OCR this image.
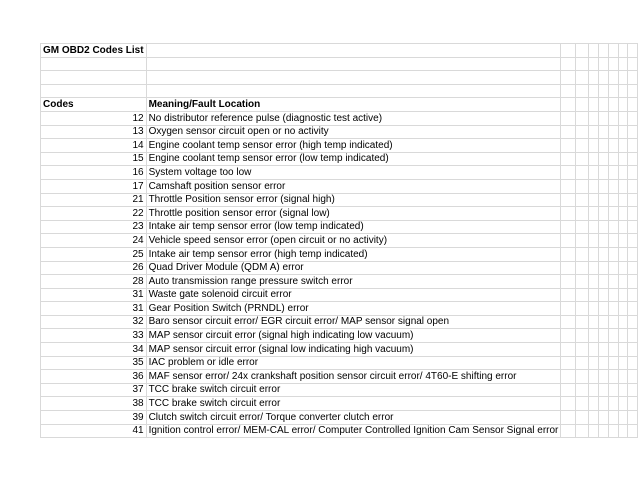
GM OBD2 Codes List								

Codes	Meaning/Fault Location							
12	No distributor reference pulse (diagnostic test active)							
13	Oxygen sensor circuit open or no activity							
14	Engine coolant temp sensor error (high temp indicated)							
15	Engine coolant temp sensor error (low temp indicated)							
16	System voltage too low							
17	Camshaft position sensor error							
21	Throttle Position sensor error (signal high)							
22	Throttle position sensor error (signal low)							
23	Intake air temp sensor error (low temp indicated)							
24	Vehicle speed sensor error (open circuit or no activity)							
25	Intake air temp sensor error (high temp indicated)							
26	Quad Driver Module (QDM A) error							
28	Auto transmission range pressure switch error							
31	Waste gate solenoid circuit error							
31	Gear Position Switch (PRNDL) error							
32	Baro sensor circuit error/ EGR circuit error/ MAP sensor signal open							
33	MAP sensor circuit error (signal high indicating low vacuum)							
34	MAP sensor circuit error (signal low indicating high vacuum)							
35	IAC problem or idle error							
36	MAF sensor error/ 24x crankshaft position sensor circuit error/ 4T60-E shifting error							
37	TCC brake switch circuit error							
38	TCC brake switch circuit error							
39	Clutch switch circuit error/ Torque converter clutch error							
41	Ignition control error/ MEM-CAL error/ Computer Controlled Ignition Cam Sensor Signal error							
